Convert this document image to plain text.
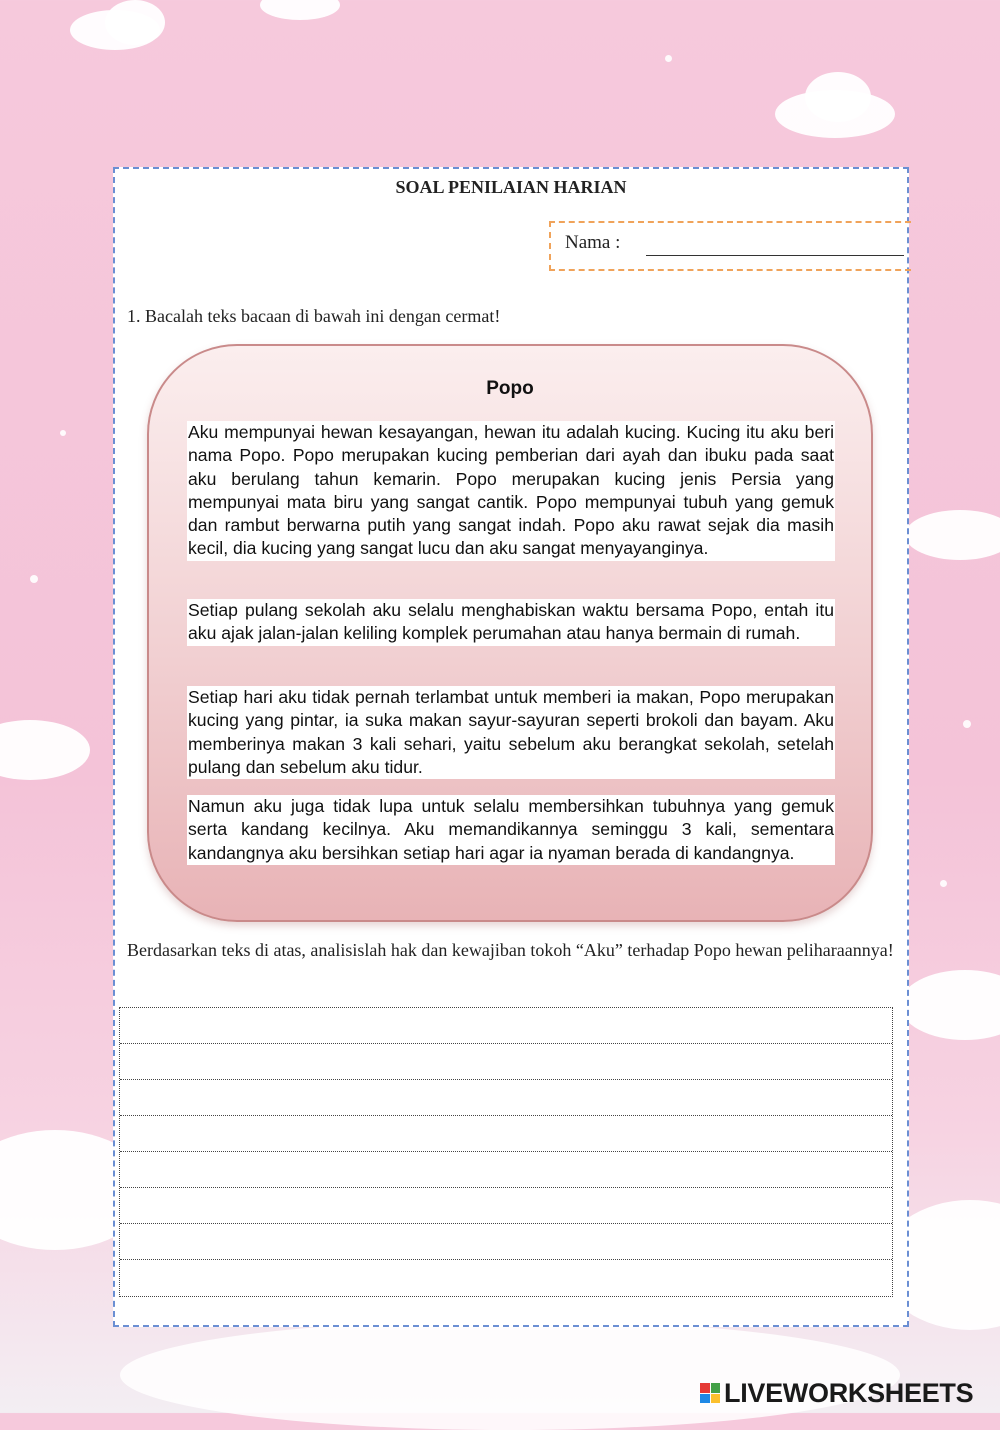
SOAL PENILAIAN HARIAN
Nama :
1. Bacalah teks bacaan di bawah ini dengan cermat!
Popo
Aku mempunyai hewan kesayangan, hewan itu adalah kucing. Kucing itu aku beri nama Popo. Popo merupakan kucing pemberian dari ayah dan ibuku pada saat aku berulang tahun kemarin. Popo merupakan kucing jenis Persia yang mempunyai mata biru yang sangat cantik. Popo mempunyai tubuh yang gemuk dan rambut berwarna putih yang sangat indah. Popo aku rawat sejak dia masih kecil, dia kucing yang sangat lucu dan aku sangat menyayanginya.
Setiap pulang sekolah aku selalu menghabiskan waktu bersama Popo, entah itu aku ajak jalan-jalan keliling komplek perumahan atau hanya bermain di rumah.
Setiap hari aku tidak pernah terlambat untuk memberi ia makan, Popo merupakan kucing yang pintar, ia suka makan sayur-sayuran seperti brokoli dan bayam. Aku memberinya makan 3 kali sehari, yaitu sebelum aku berangkat sekolah, setelah pulang dan sebelum aku tidur.
Namun aku juga tidak lupa untuk selalu membersihkan tubuhnya yang gemuk serta kandang kecilnya. Aku memandikannya seminggu 3 kali, sementara kandangnya aku bersihkan setiap hari agar ia nyaman berada di kandangnya.
Berdasarkan teks di atas, analisislah hak dan kewajiban tokoh “Aku” terhadap Popo hewan peliharaannya!
LIVEWORKSHEETS
